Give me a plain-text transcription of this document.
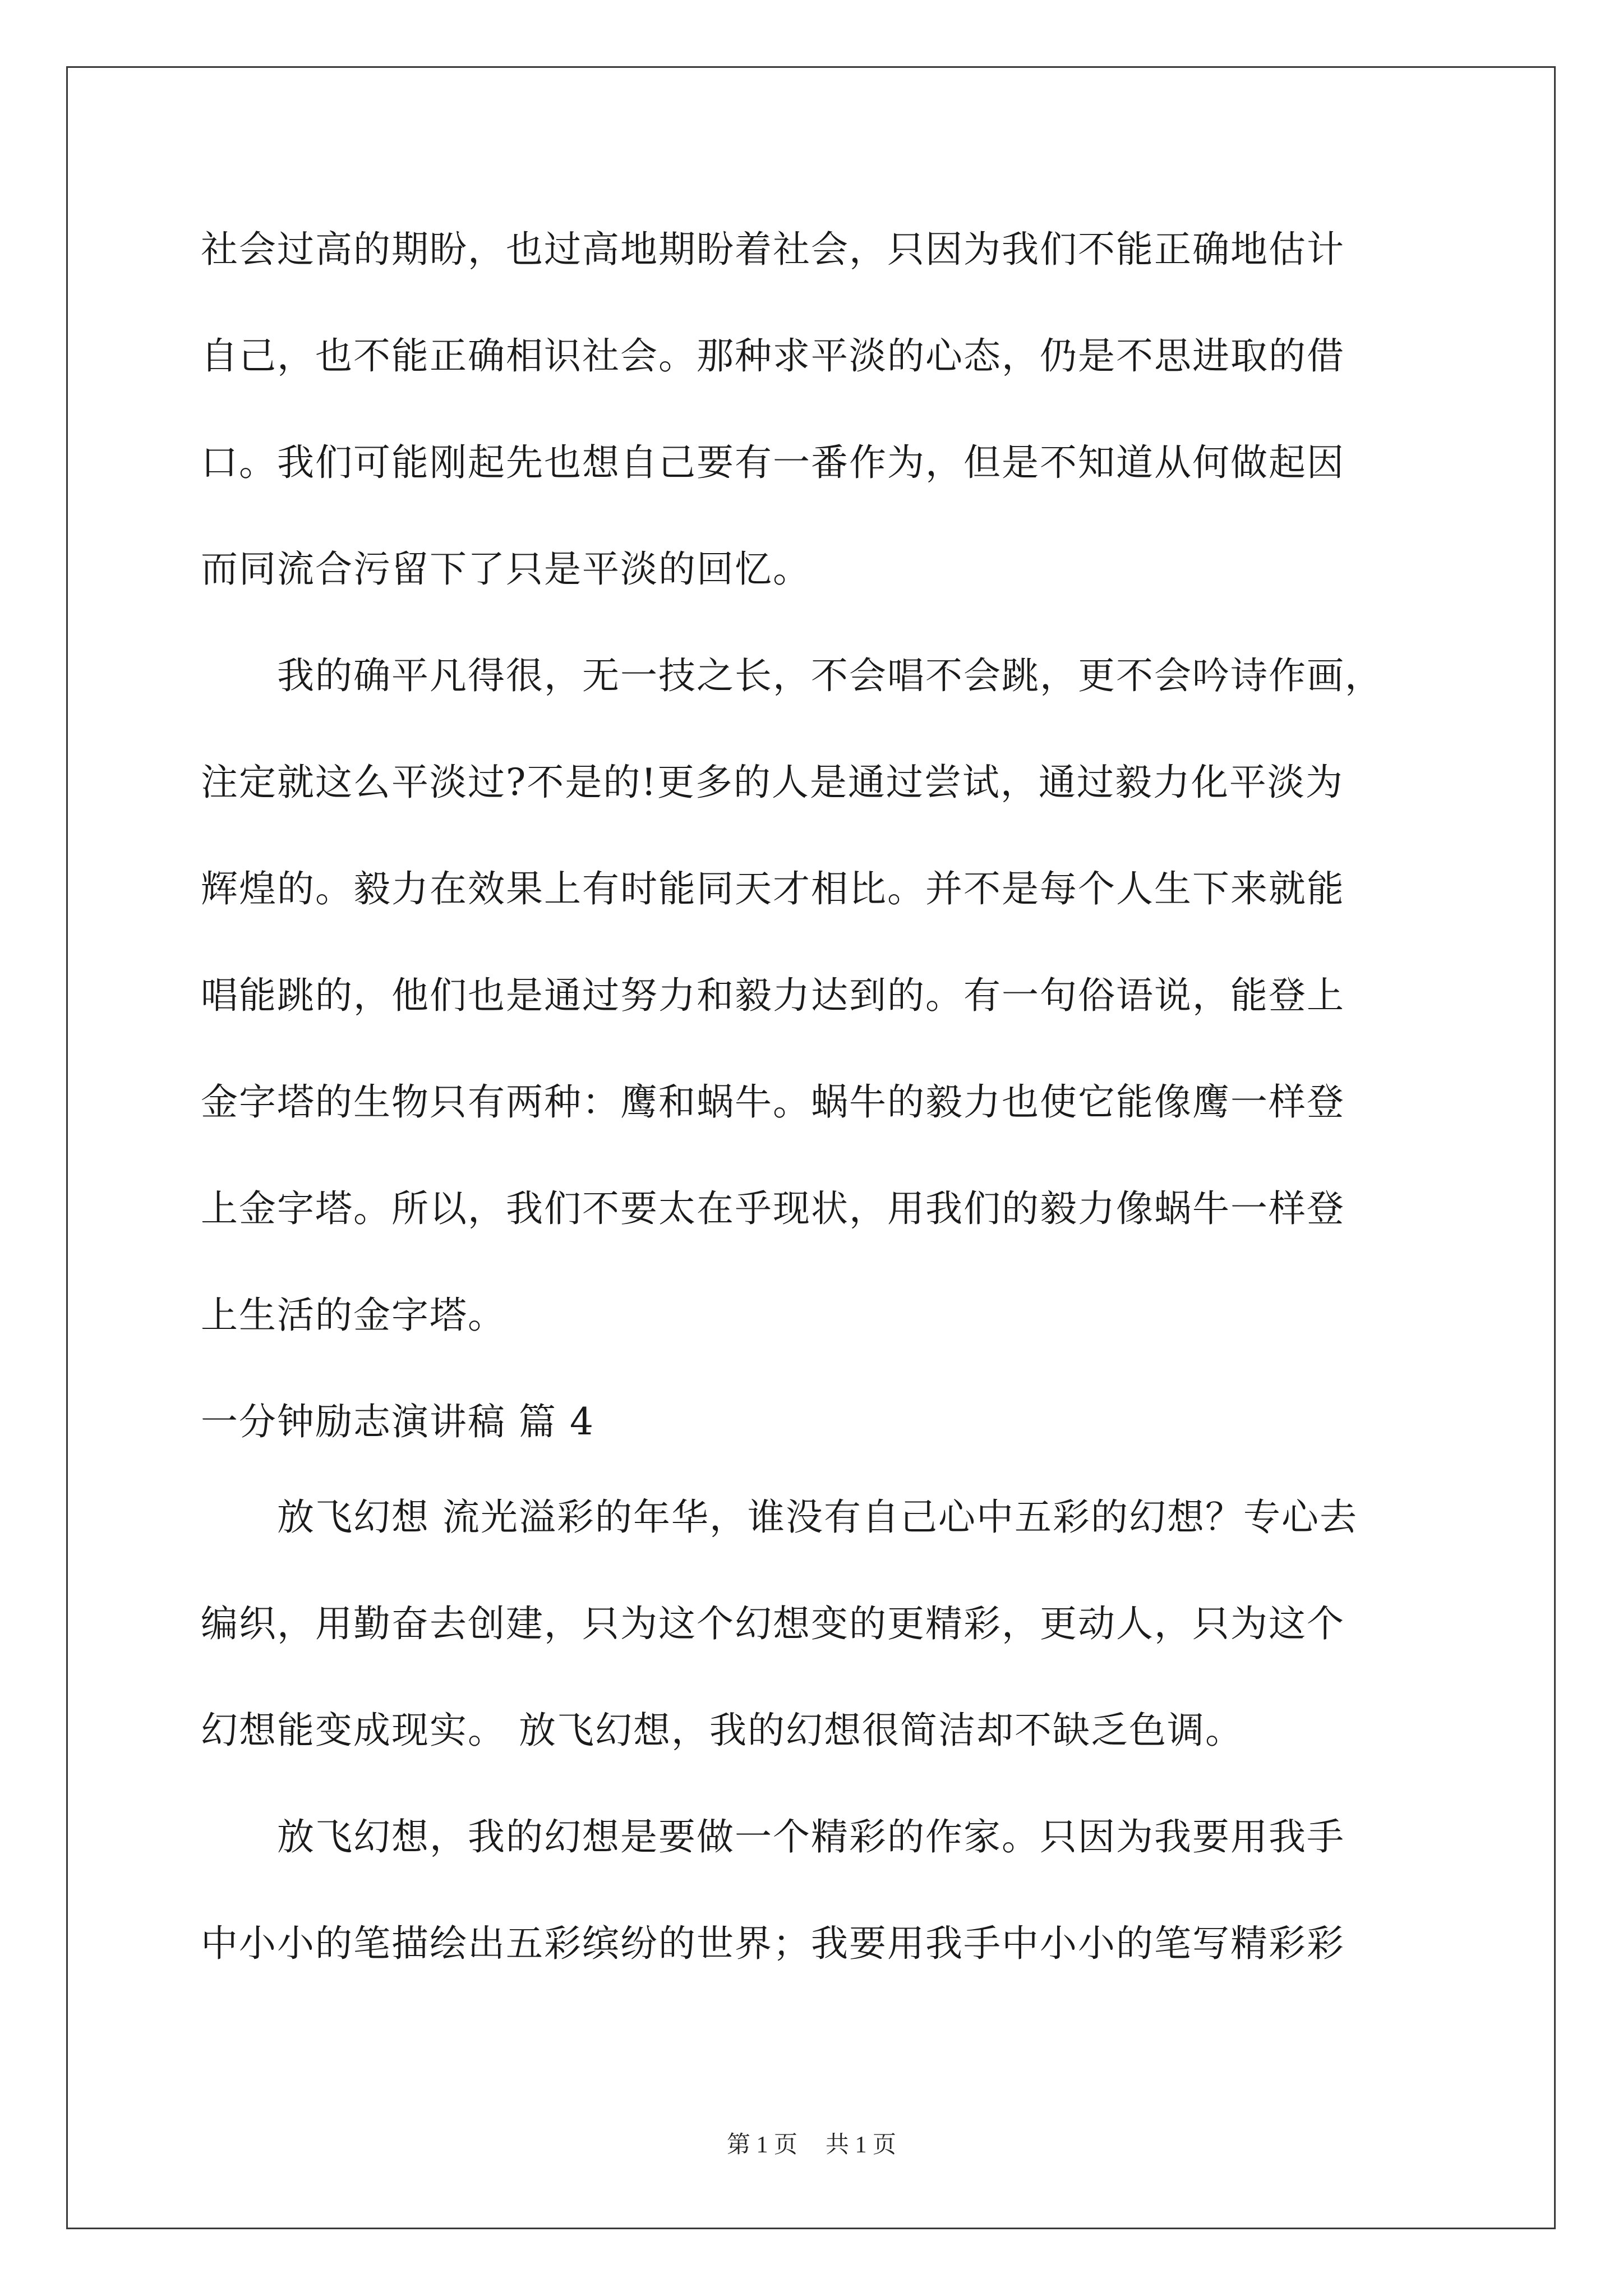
社会过高的期盼，也过高地期盼着社会，只因为我们不能正确地估计
自己，也不能正确相识社会。那种求平淡的心态，仍是不思进取的借
口。我们可能刚起先也想自己要有一番作为，但是不知道从何做起因
而同流合污留下了只是平淡的回忆。
我的确平凡得很，无一技之长，不会唱不会跳，更不会吟诗作画，
注定就这么平淡过?不是的!更多的人是通过尝试，通过毅力化平淡为
辉煌的。毅力在效果上有时能同天才相比。并不是每个人生下来就能
唱能跳的，他们也是通过努力和毅力达到的。有一句俗语说，能登上
金字塔的生物只有两种：鹰和蜗牛。蜗牛的毅力也使它能像鹰一样登
上金字塔。所以，我们不要太在乎现状，用我们的毅力像蜗牛一样登
上生活的金字塔。
一分钟励志演讲稿 篇 4
放飞幻想 流光溢彩的年华，谁没有自己心中五彩的幻想？专心去
编织，用勤奋去创建，只为这个幻想变的更精彩，更动人，只为这个
幻想能变成现实。 放飞幻想，我的幻想很简洁却不缺乏色调。
放飞幻想，我的幻想是要做一个精彩的作家。只因为我要用我手
中小小的笔描绘出五彩缤纷的世界；我要用我手中小小的笔写精彩彩
第 1 页 共 1 页
